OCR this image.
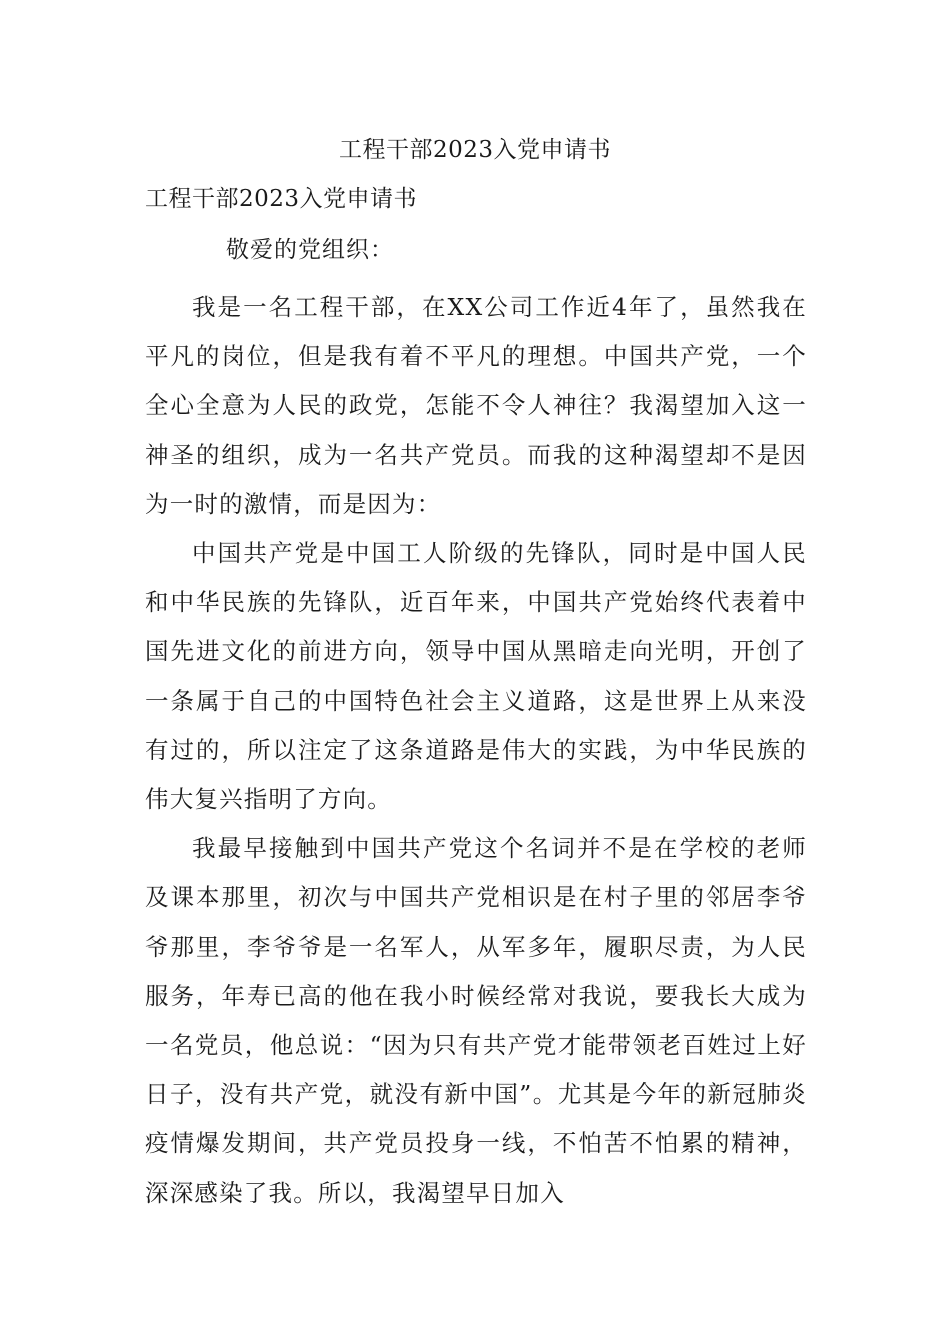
工程干部2023入党申请书
工程干部2023入党申请书
敬爱的党组织：

我是一名工程干部，在XX公司工作近4年了，虽然我在平凡的岗位，但是我有着不平凡的理想。中国共产党，一个全心全意为人民的政党，怎能不令人神往？我渴望加入这一神圣的组织，成为一名共产党员。而我的这种渴望却不是因为一时的激情，而是因为：

中国共产党是中国工人阶级的先锋队，同时是中国人民和中华民族的先锋队，近百年来，中国共产党始终代表着中国先进文化的前进方向，领导中国从黑暗走向光明，开创了一条属于自己的中国特色社会主义道路，这是世界上从来没有过的，所以注定了这条道路是伟大的实践，为中华民族的伟大复兴指明了方向。

我最早接触到中国共产党这个名词并不是在学校的老师及课本那里，初次与中国共产党相识是在村子里的邻居李爷爷那里，李爷爷是一名军人，从军多年，履职尽责，为人民服务，年寿已高的他在我小时候经常对我说，要我长大成为一名党员，他总说：“因为只有共产党才能带领老百姓过上好日子，没有共产党，就没有新中国”。尤其是今年的新冠肺炎疫情爆发期间，共产党员投身一线，不怕苦不怕累的精神，深深感染了我。所以，我渴望早日加入
